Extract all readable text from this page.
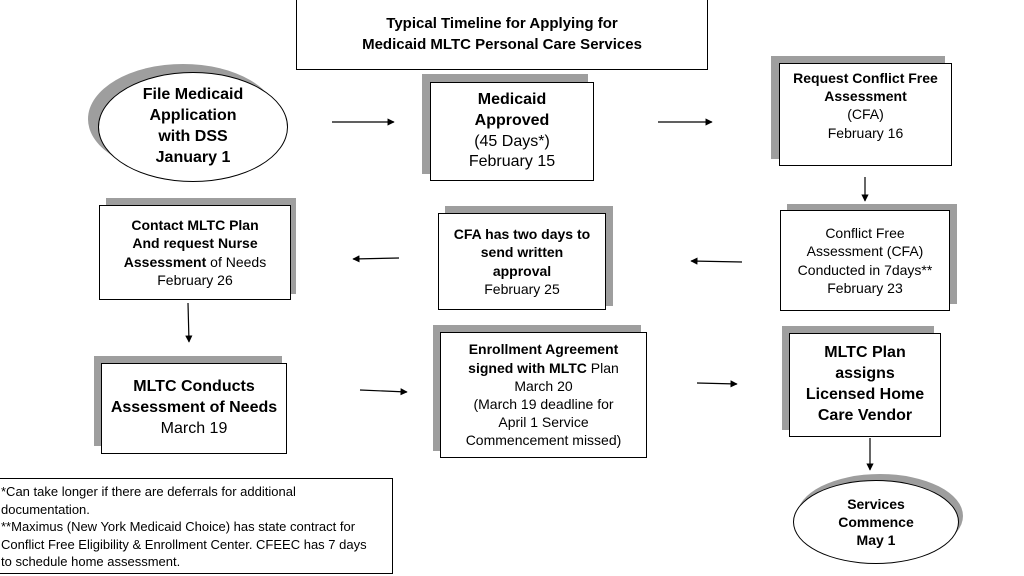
Typical Timeline for Applying for
Medicaid MLTC Personal Care Services
File Medicaid
Application
with DSS
January 1
Medicaid
Approved
(45 Days*)
February 15
Request Conflict Free
Assessment
(CFA)
February 16
Conflict Free
Assessment (CFA)
Conducted in 7days**
February 23
CFA has two days to
send written
approval
February 25
Contact MLTC Plan
And request Nurse
Assessment of Needs
February 26
MLTC Conducts
Assessment of Needs
March 19
Enrollment Agreement
signed with MLTC Plan
March 20
(March 19 deadline for
April 1 Service
Commencement missed)
MLTC Plan
assigns
Licensed Home
Care Vendor
Services
Commence
May 1
*Can take longer if there are deferrals for additional
documentation.
**Maximus (New York Medicaid Choice) has state contract for
Conflict Free Eligibility & Enrollment Center. CFEEC has 7 days
to schedule home assessment.
